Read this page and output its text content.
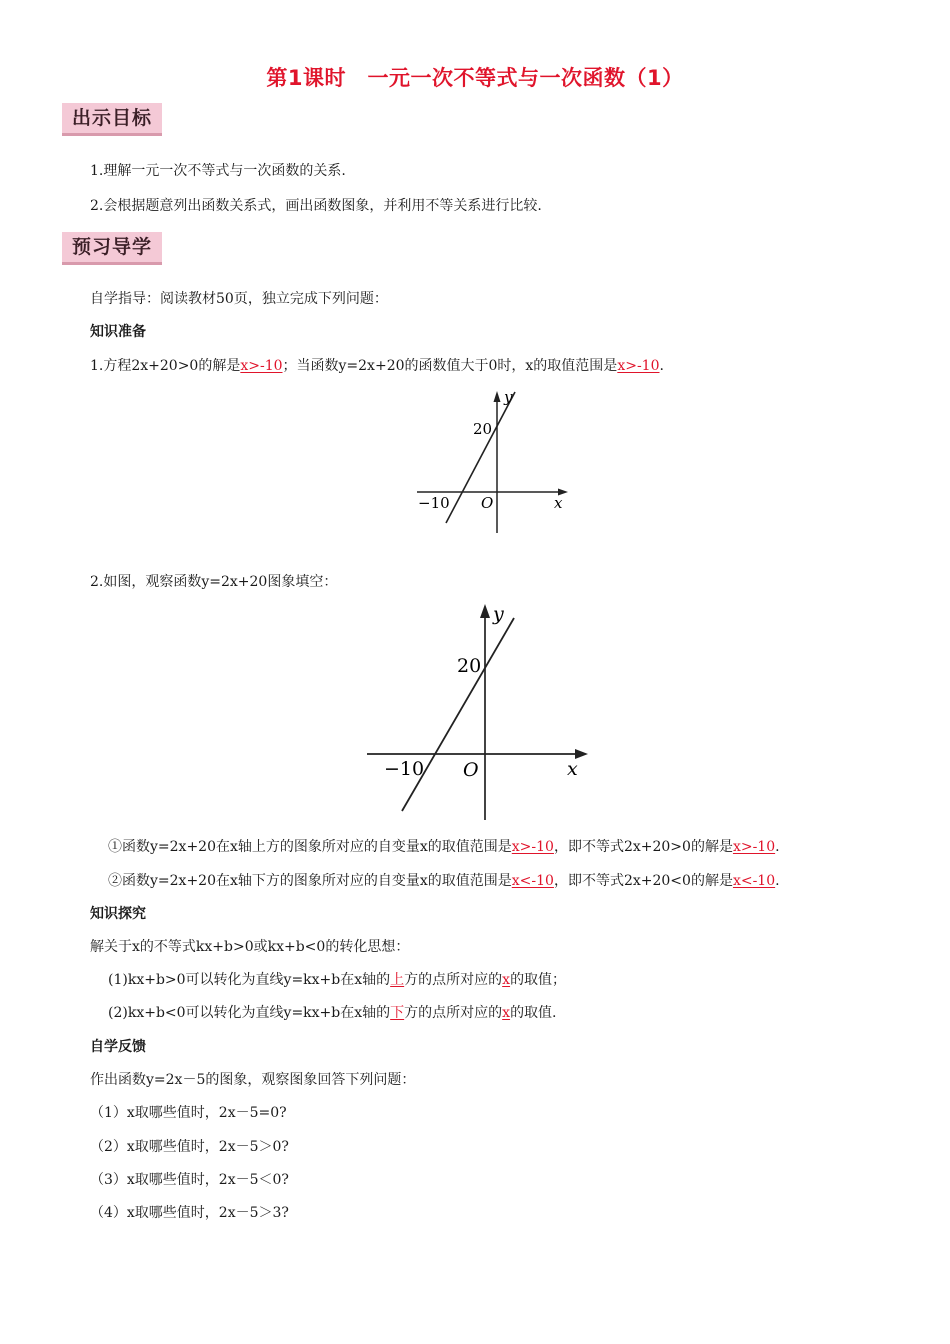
第1课时　一元一次不等式与一次函数（1）
出示目标
1.理解一元一次不等式与一次函数的关系.
2.会根据题意列出函数关系式，画出函数图象，并利用不等关系进行比较.
预习导学
自学指导：阅读教材50页，独立完成下列问题：
知识准备
1.方程2x+20>0的解是x>-10；当函数y=2x+20的函数值大于0时，x的取值范围是x>-10.
y
x
O
20
−10
2.如图，观察函数y=2x+20图象填空：
y
x
O
20
−10
①函数y=2x+20在x轴上方的图象所对应的自变量x的取值范围是x>-10，即不等式2x+20>0的解是x>-10.
②函数y=2x+20在x轴下方的图象所对应的自变量x的取值范围是x<-10，即不等式2x+20<0的解是x<-10.
知识探究
解关于x的不等式kx+b>0或kx+b<0的转化思想：
(1)kx+b>0可以转化为直线y=kx+b在x轴的上方的点所对应的x的取值；
(2)kx+b<0可以转化为直线y=kx+b在x轴的下方的点所对应的x的取值.
自学反馈
作出函数y=2x－5的图象，观察图象回答下列问题：
（1）x取哪些值时，2x－5=0?
（2）x取哪些值时，2x－5＞0?
（3）x取哪些值时，2x－5＜0?
（4）x取哪些值时，2x－5＞3?
